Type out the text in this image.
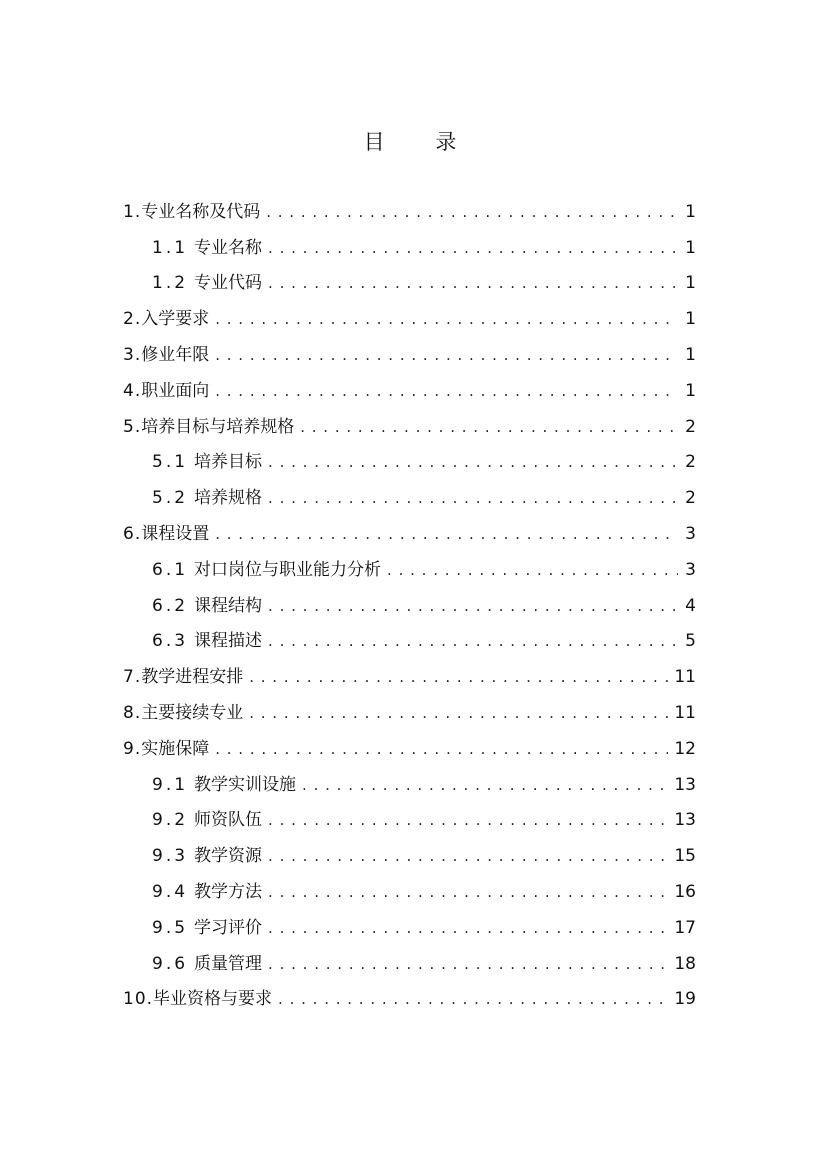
目 录
1.专业名称及代码 . . .	1
1.1 专业名称 . . .	1
1.2 专业代码 . . .	1
2.入学要求 . . .	1
3.修业年限 . . .	1
4.职业面向 . . .	1
5.培养目标与培养规格 . . .	2
5.1 培养目标 . . .	2
5.2 培养规格 . . .	2
6.课程设置 . . .	3
6.1 对口岗位与职业能力分析 . . .	3
6.2 课程结构 . . .	4
6.3 课程描述 . . .	5
7.教学进程安排 . . .	11
8.主要接续专业 . . .	11
9.实施保障 . . .	12
9.1 教学实训设施 . . .	13
9.2 师资队伍 . . .	13
9.3 教学资源 . . .	15
9.4 教学方法 . . .	16
9.5 学习评价 . . .	17
9.6 质量管理 . . .	18
10.毕业资格与要求 . . .	19
